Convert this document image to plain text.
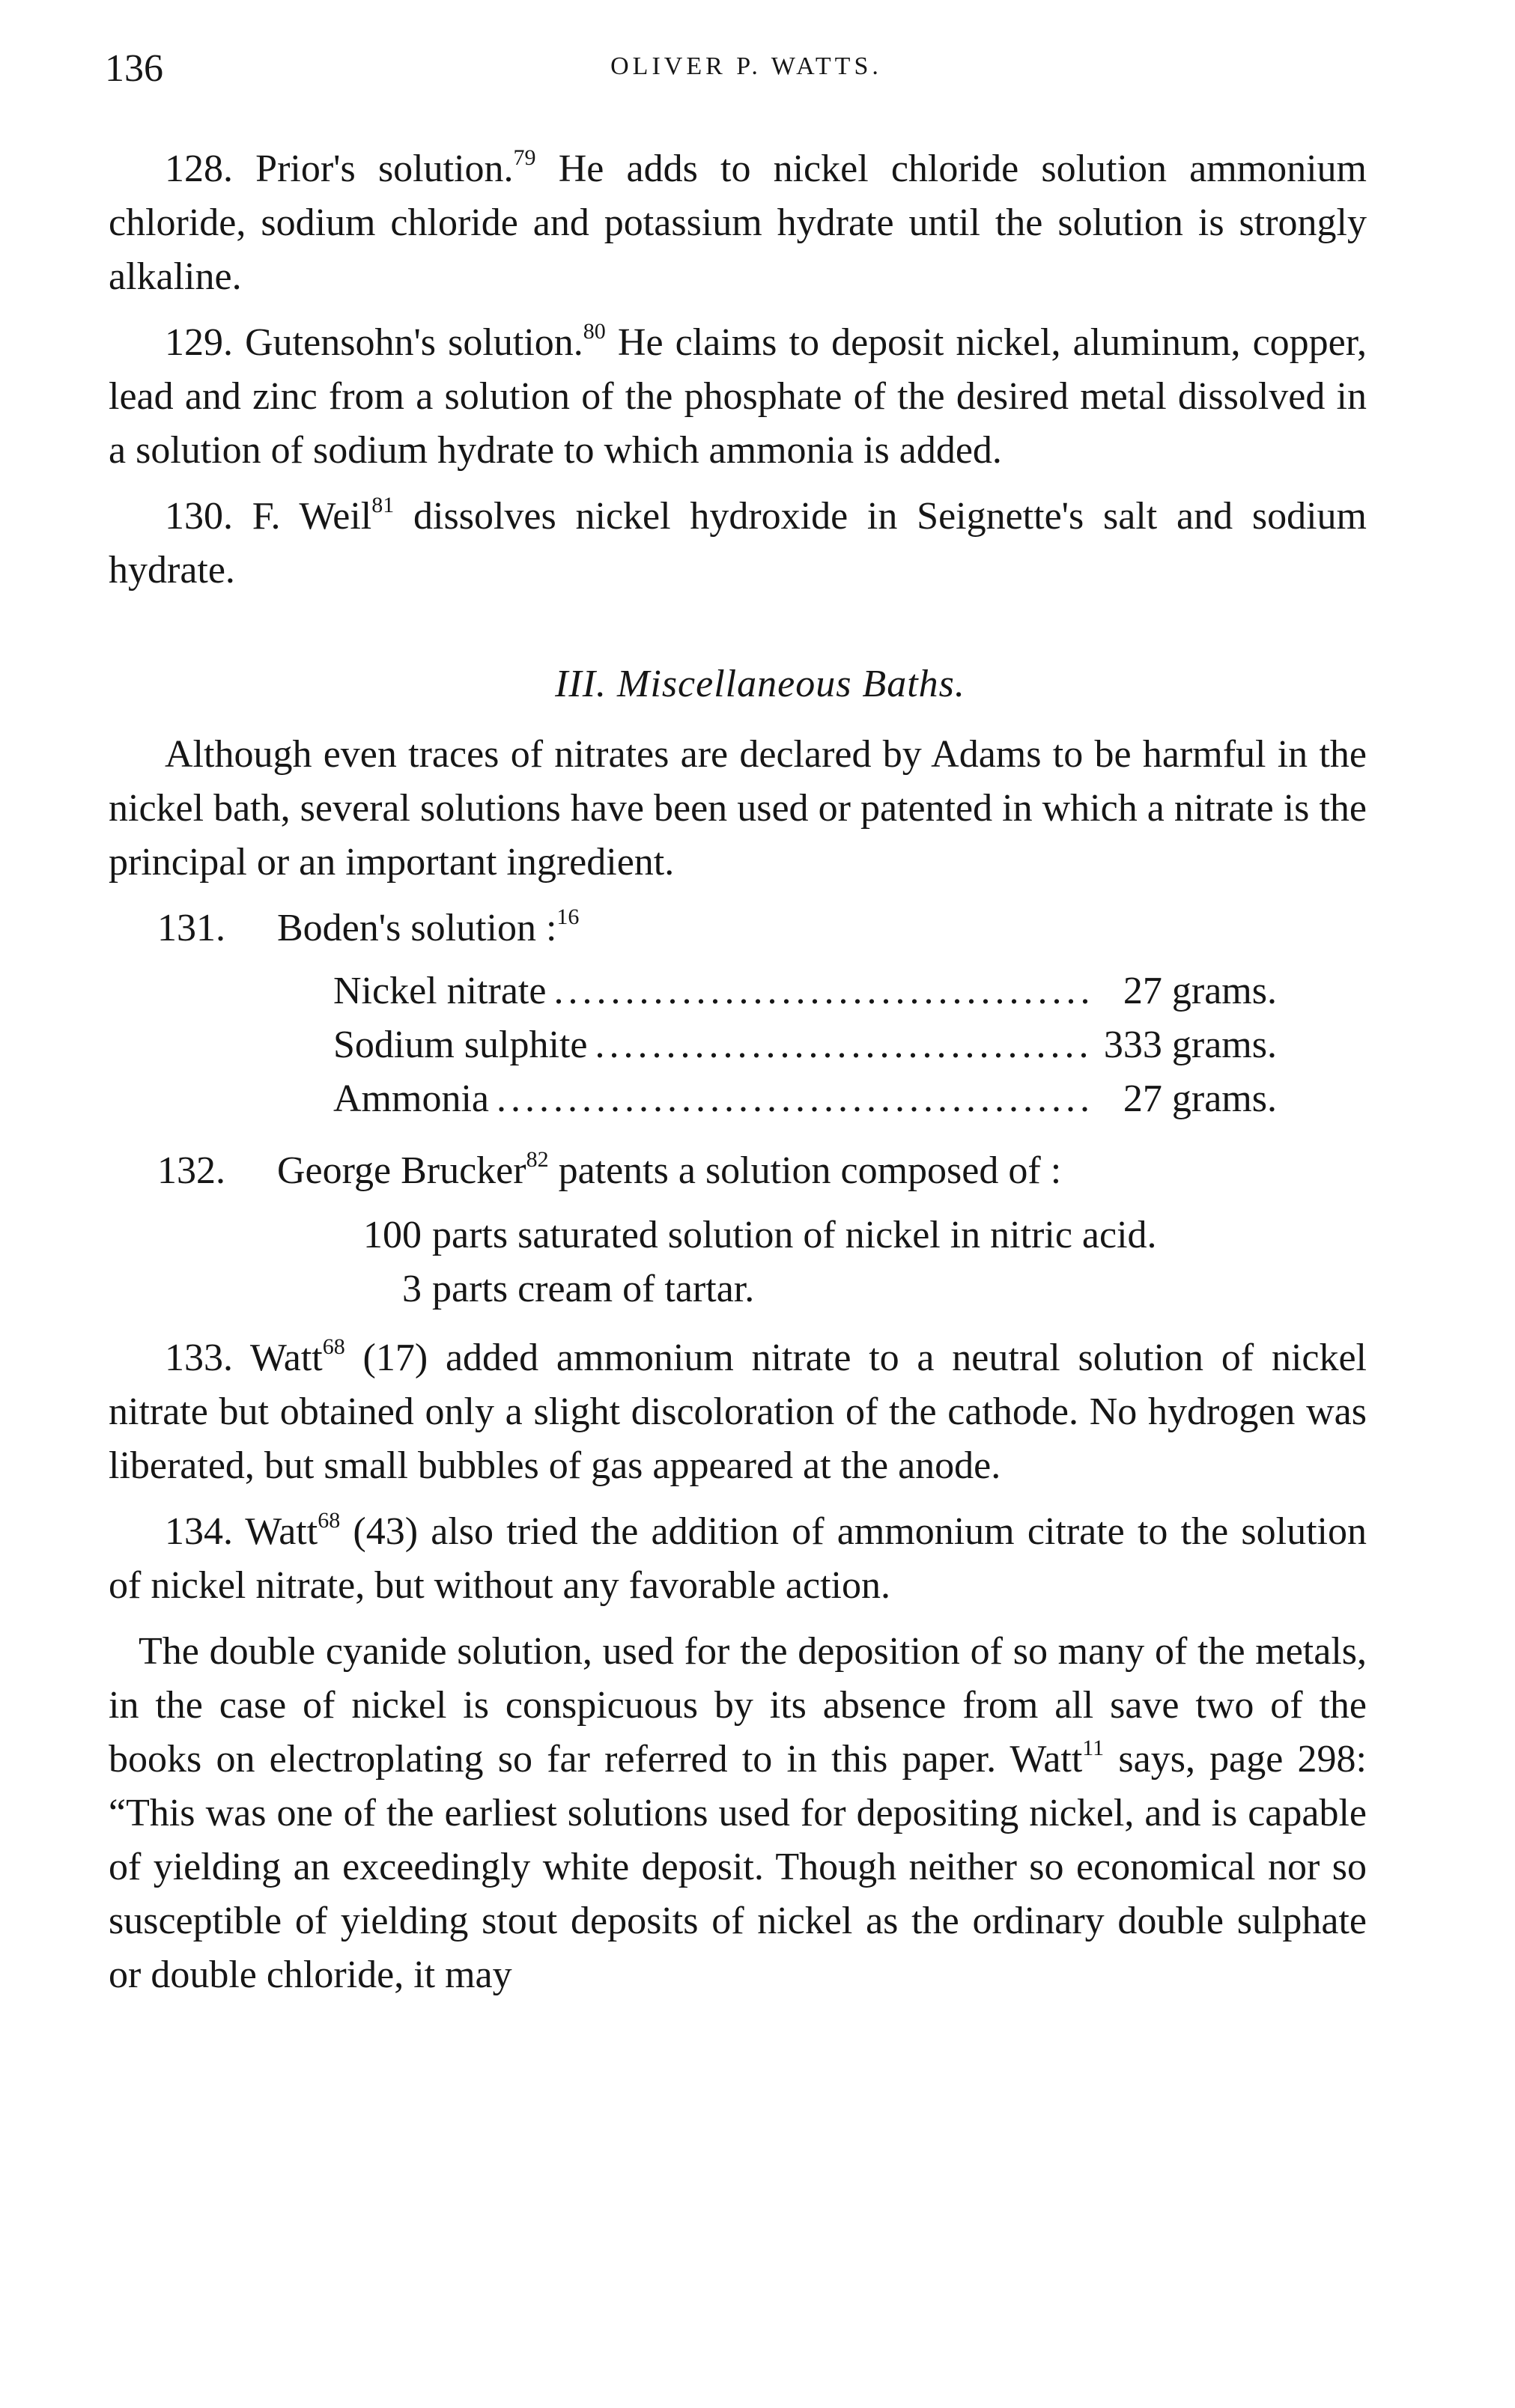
136	OLIVER P. WATTS.

128. Prior's solution.$^{79}$ He adds to nickel chloride solution ammonium chloride, sodium chloride and potassium hydrate until the solution is strongly alkaline.

129. Gutensohn's solution.$^{80}$ He claims to deposit nickel, aluminum, copper, lead and zinc from a solution of the phosphate of the desired metal dissolved in a solution of sodium hydrate to which ammonia is added.

130. F. Weil$^{81}$ dissolves nickel hydroxide in Seignette's salt and sodium hydrate.

III. Miscellaneous Baths.

Although even traces of nitrates are declared by Adams to be harmful in the nickel bath, several solutions have been used or patented in which a nitrate is the principal or an important ingredient.

131. Boden's solution :$^{16}$
Nickel nitrate .....	27 grams.
Sodium sulphite .....	333 grams.
Ammonia .....	27 grams.
132. George Brucker$^{82}$ patents a solution composed of :
100 parts saturated solution of nickel in nitric acid.
3 parts cream of tartar.

133. Watt$^{68}$ (17) added ammonium nitrate to a neutral solution of nickel nitrate but obtained only a slight discoloration of the cathode. No hydrogen was liberated, but small bubbles of gas appeared at the anode.

134. Watt$^{68}$ (43) also tried the addition of ammonium citrate to the solution of nickel nitrate, but without any favorable action.

The double cyanide solution, used for the deposition of so many of the metals, in the case of nickel is conspicuous by its absence from all save two of the books on electroplating so far referred to in this paper. Watt$^{11}$ says, page 298: “This was one of the earliest solutions used for depositing nickel, and is capable of yielding an exceedingly white deposit. Though neither so economical nor so susceptible of yielding stout deposits of nickel as the ordinary double sulphate or double chloride, it may
